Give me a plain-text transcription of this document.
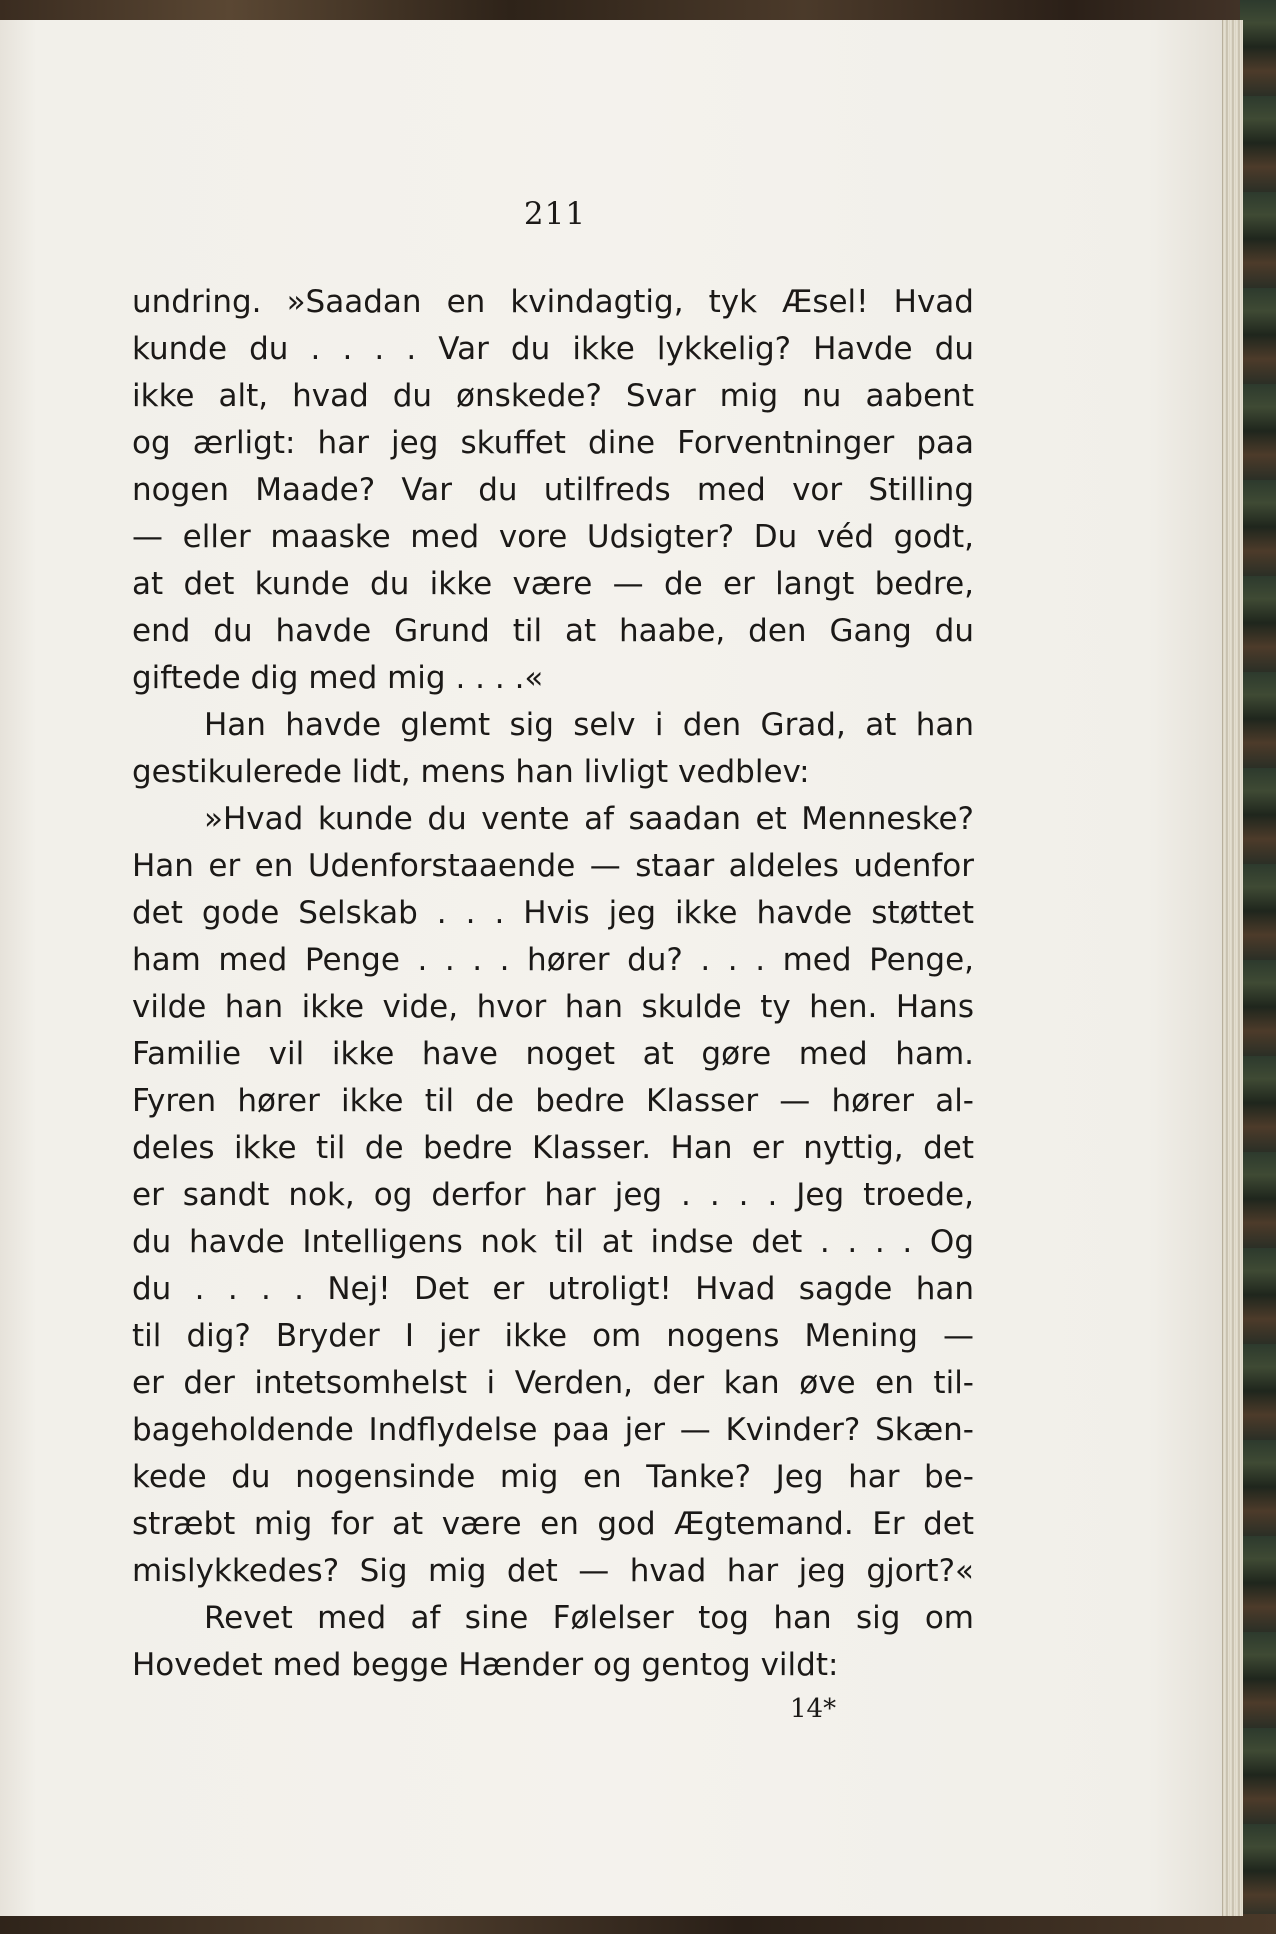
211
undring. »Saadan en kvindagtig, tyk Æsel! Hvad
kunde du . . . . Var du ikke lykkelig? Havde du
ikke alt, hvad du ønskede? Svar mig nu aabent
og ærligt: har jeg skuffet dine Forventninger paa
nogen Maade? Var du utilfreds med vor Stilling
— eller maaske med vore Udsigter? Du véd godt,
at det kunde du ikke være — de er langt bedre,
end du havde Grund til at haabe, den Gang du
giftede dig med mig . . . .«
Han havde glemt sig selv i den Grad, at han
gestikulerede lidt, mens han livligt vedblev:
»Hvad kunde du vente af saadan et Menneske?
Han er en Udenforstaaende — staar aldeles udenfor
det gode Selskab . . . Hvis jeg ikke havde støttet
ham med Penge . . . . hører du? . . . med Penge,
vilde han ikke vide, hvor han skulde ty hen. Hans
Familie vil ikke have noget at gøre med ham.
Fyren hører ikke til de bedre Klasser — hører al-
deles ikke til de bedre Klasser. Han er nyttig, det
er sandt nok, og derfor har jeg . . . . Jeg troede,
du havde Intelligens nok til at indse det . . . . Og
du . . . . Nej! Det er utroligt! Hvad sagde han
til dig? Bryder I jer ikke om nogens Mening —
er der intetsomhelst i Verden, der kan øve en til-
bageholdende Indflydelse paa jer — Kvinder? Skæn-
kede du nogensinde mig en Tanke? Jeg har be-
stræbt mig for at være en god Ægtemand. Er det
mislykkedes? Sig mig det — hvad har jeg gjort?«
Revet med af sine Følelser tog han sig om
Hovedet med begge Hænder og gentog vildt:
14*
